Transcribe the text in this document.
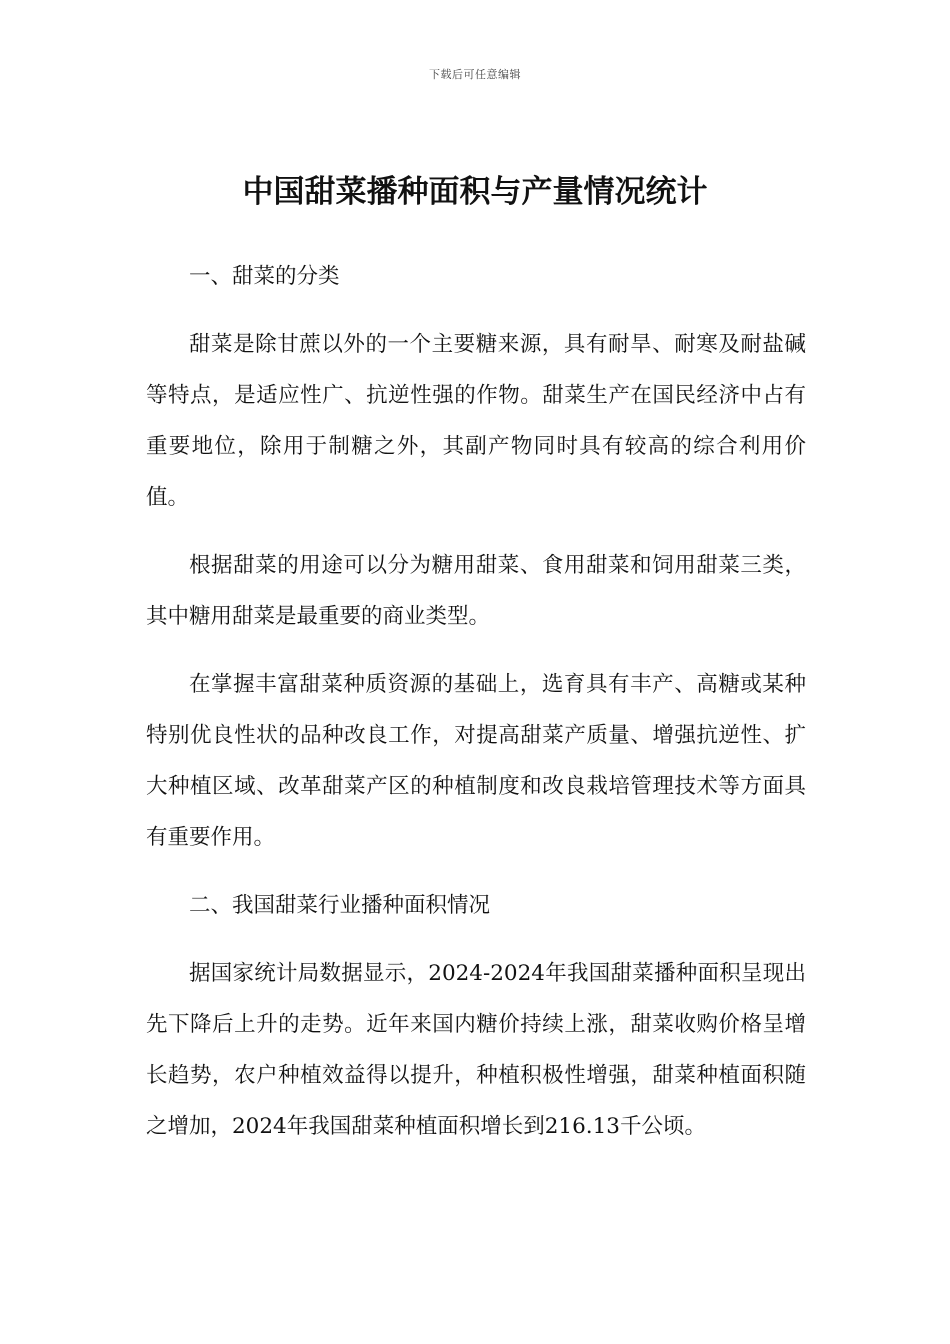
下载后可任意编辑
中国甜菜播种面积与产量情况统计

一、甜菜的分类

甜菜是除甘蔗以外的一个主要糖来源，具有耐旱、耐寒及耐盐碱等特点，是适应性广、抗逆性强的作物。甜菜生产在国民经济中占有重要地位，除用于制糖之外，其副产物同时具有较高的综合利用价值。

根据甜菜的用途可以分为糖用甜菜、食用甜菜和饲用甜菜三类，其中糖用甜菜是最重要的商业类型。

在掌握丰富甜菜种质资源的基础上，选育具有丰产、高糖或某种特别优良性状的品种改良工作，对提高甜菜产质量、增强抗逆性、扩大种植区域、改革甜菜产区的种植制度和改良栽培管理技术等方面具有重要作用。

二、我国甜菜行业播种面积情况

据国家统计局数据显示，2024-2024年我国甜菜播种面积呈现出先下降后上升的走势。近年来国内糖价持续上涨，甜菜收购价格呈增长趋势，农户种植效益得以提升，种植积极性增强，甜菜种植面积随之增加，2024年我国甜菜种植面积增长到216.13千公顷。
